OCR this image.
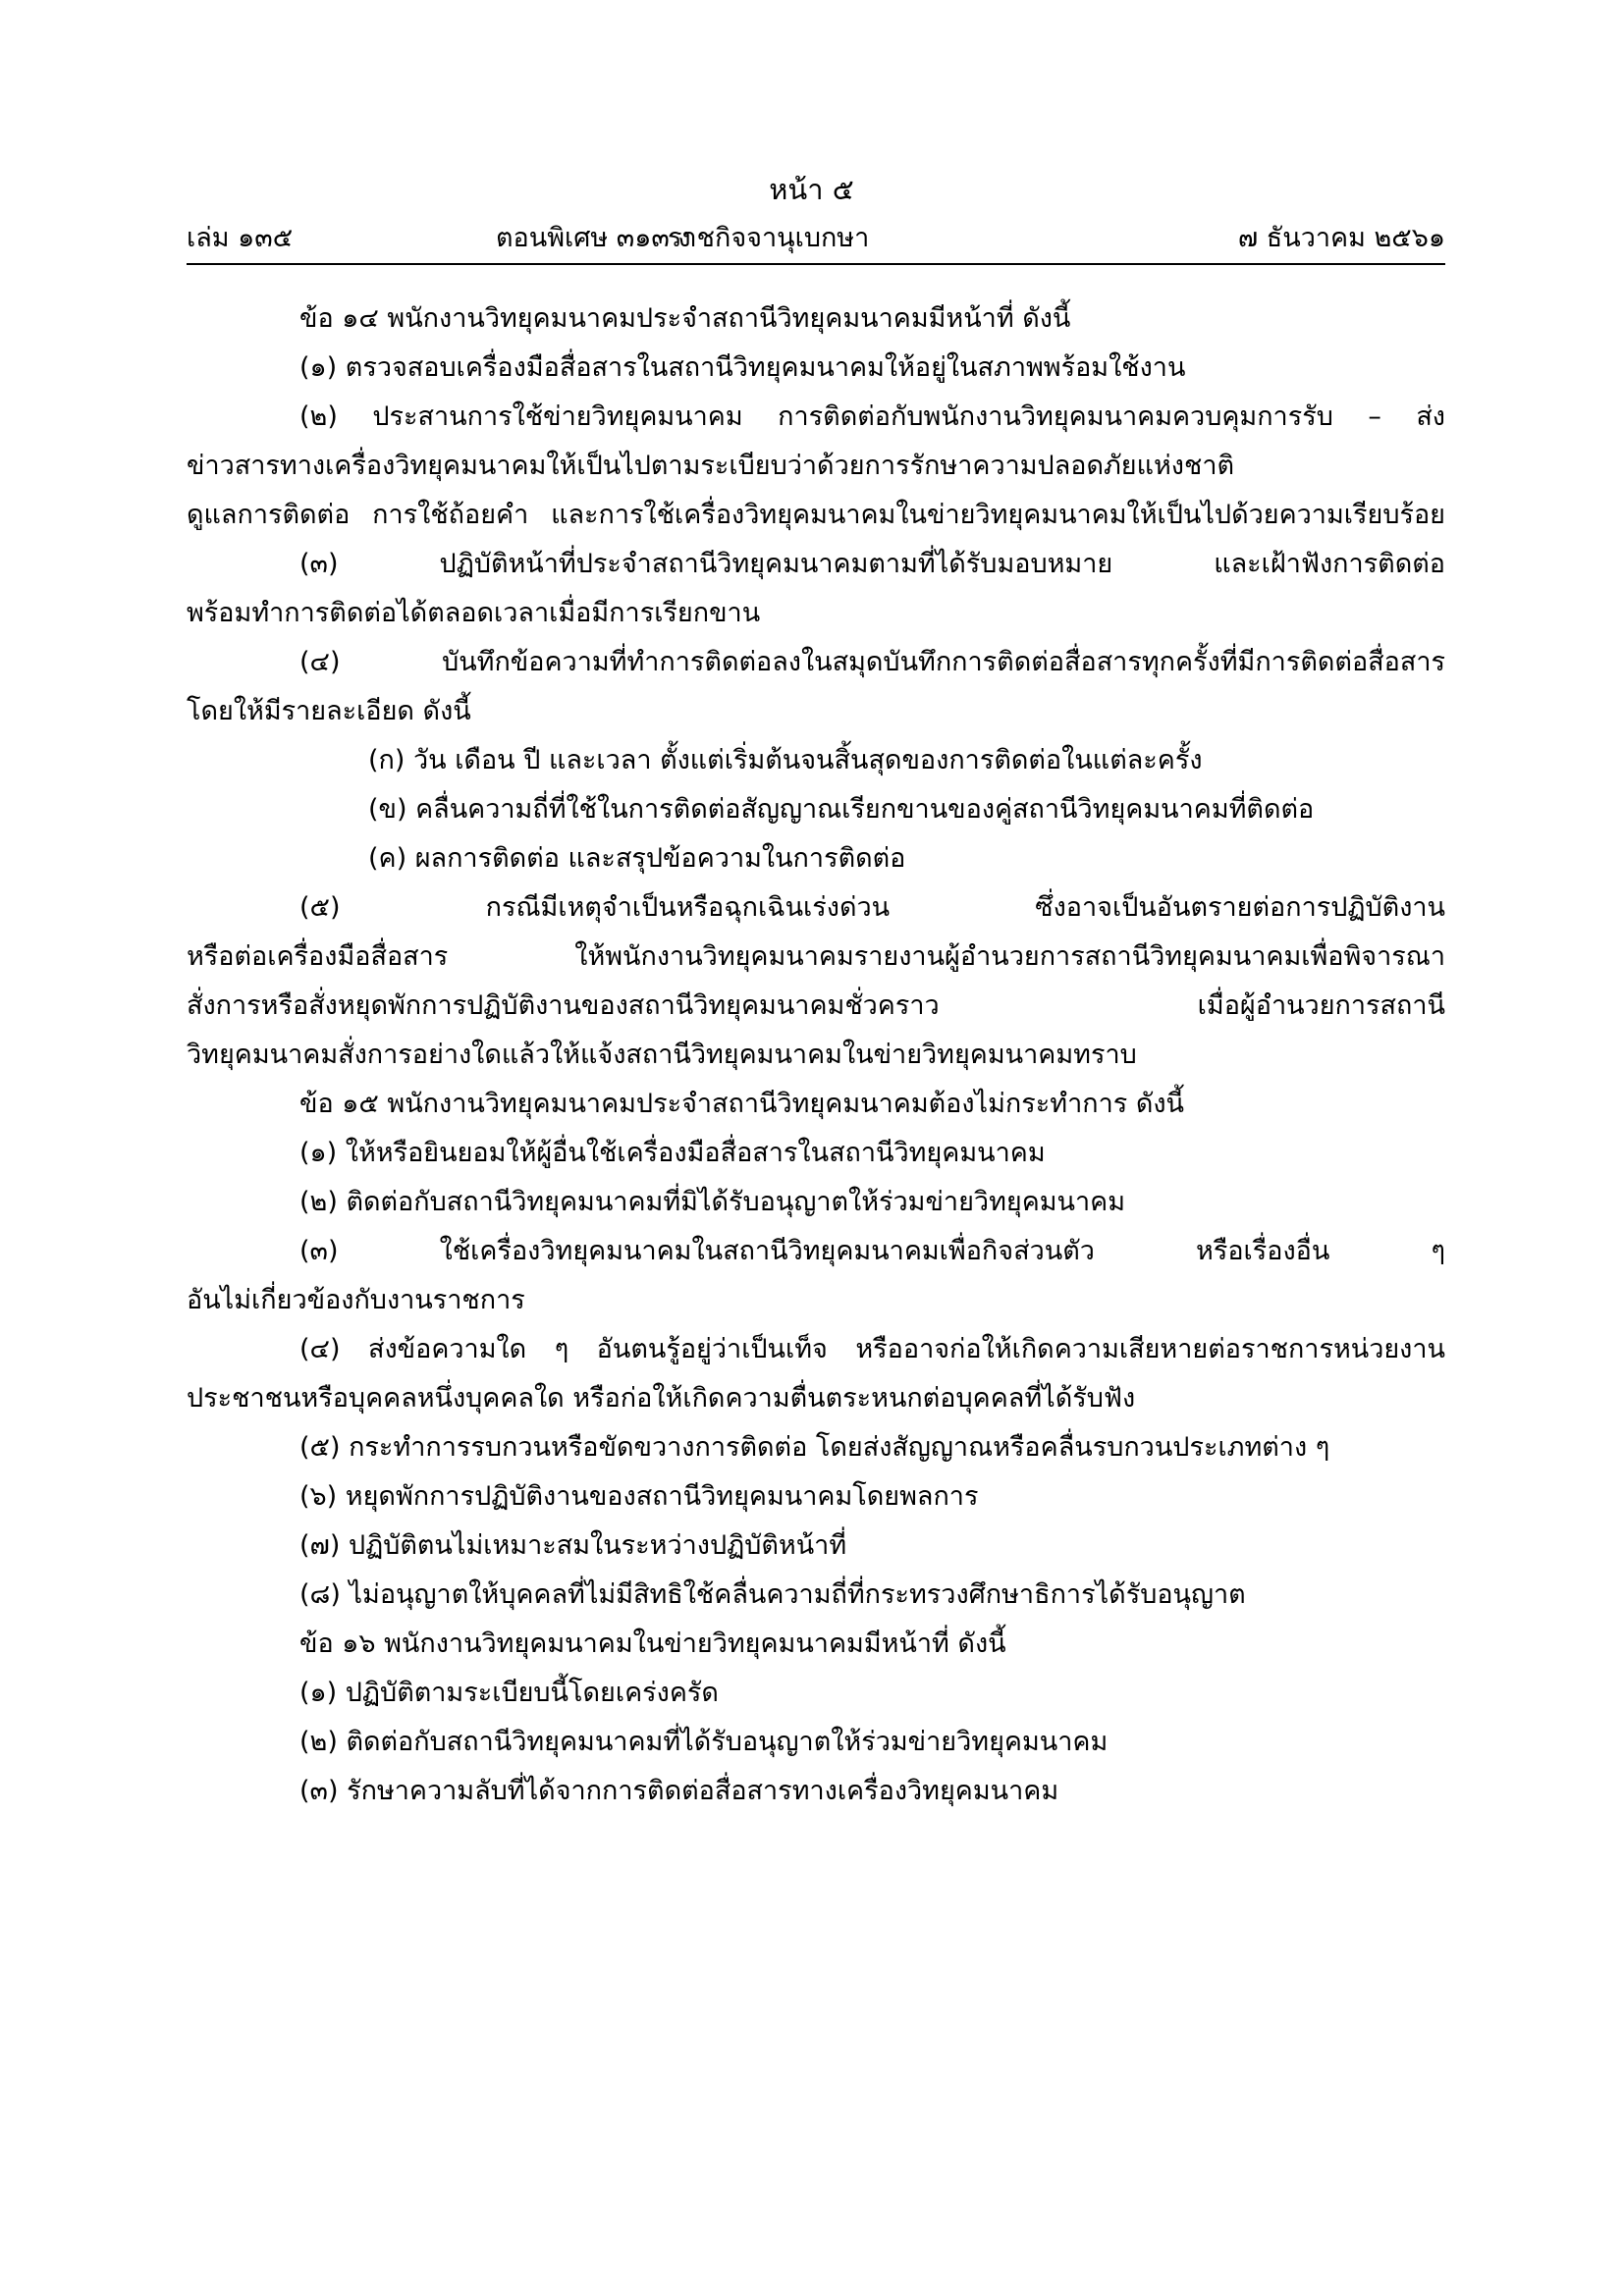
หน้า ๕
เล่ม ๑๓๕	ตอนพิเศษ ๓๑๓ ง
ราชกิจจานุเบกษา	๗ ธันวาคม ๒๕๖๑
ข้อ ๑๔ พนักงานวิทยุคมนาคมประจำสถานีวิทยุคมนาคมมีหน้าที่ ดังนี้
(๑) ตรวจสอบเครื่องมือสื่อสารในสถานีวิทยุคมนาคมให้อยู่ในสภาพพร้อมใช้งาน
(๒) ประสานการใช้ข่ายวิทยุคมนาคม การติดต่อกับพนักงานวิทยุคมนาคมควบคุมการรับ – ส่ง
ข่าวสารทางเครื่องวิทยุคมนาคมให้เป็นไปตามระเบียบว่าด้วยการรักษาความปลอดภัยแห่งชาติ
ดูแลการติดต่อ การใช้ถ้อยคำ และการใช้เครื่องวิทยุคมนาคมในข่ายวิทยุคมนาคมให้เป็นไปด้วยความเรียบร้อย
(๓) ปฏิบัติหน้าที่ประจำสถานีวิทยุคมนาคมตามที่ได้รับมอบหมาย และเฝ้าฟังการติดต่อ
พร้อมทำการติดต่อได้ตลอดเวลาเมื่อมีการเรียกขาน
(๔) บันทึกข้อความที่ทำการติดต่อลงในสมุดบันทึกการติดต่อสื่อสารทุกครั้งที่มีการติดต่อสื่อสาร
โดยให้มีรายละเอียด ดังนี้
(ก) วัน เดือน ปี และเวลา ตั้งแต่เริ่มต้นจนสิ้นสุดของการติดต่อในแต่ละครั้ง
(ข) คลื่นความถี่ที่ใช้ในการติดต่อสัญญาณเรียกขานของคู่สถานีวิทยุคมนาคมที่ติดต่อ
(ค) ผลการติดต่อ และสรุปข้อความในการติดต่อ
(๕) กรณีมีเหตุจำเป็นหรือฉุกเฉินเร่งด่วน ซึ่งอาจเป็นอันตรายต่อการปฏิบัติงาน
หรือต่อเครื่องมือสื่อสาร ให้พนักงานวิทยุคมนาคมรายงานผู้อำนวยการสถานีวิทยุคมนาคมเพื่อพิจารณา
สั่งการหรือสั่งหยุดพักการปฏิบัติงานของสถานีวิทยุคมนาคมชั่วคราว เมื่อผู้อำนวยการสถานี
วิทยุคมนาคมสั่งการอย่างใดแล้วให้แจ้งสถานีวิทยุคมนาคมในข่ายวิทยุคมนาคมทราบ
ข้อ ๑๕ พนักงานวิทยุคมนาคมประจำสถานีวิทยุคมนาคมต้องไม่กระทำการ ดังนี้
(๑) ให้หรือยินยอมให้ผู้อื่นใช้เครื่องมือสื่อสารในสถานีวิทยุคมนาคม
(๒) ติดต่อกับสถานีวิทยุคมนาคมที่มิได้รับอนุญาตให้ร่วมข่ายวิทยุคมนาคม
(๓) ใช้เครื่องวิทยุคมนาคมในสถานีวิทยุคมนาคมเพื่อกิจส่วนตัว หรือเรื่องอื่น ๆ
อันไม่เกี่ยวข้องกับงานราชการ
(๔) ส่งข้อความใด ๆ อันตนรู้อยู่ว่าเป็นเท็จ หรืออาจก่อให้เกิดความเสียหายต่อราชการหน่วยงาน
ประชาชนหรือบุคคลหนึ่งบุคคลใด หรือก่อให้เกิดความตื่นตระหนกต่อบุคคลที่ได้รับฟัง
(๕) กระทำการรบกวนหรือขัดขวางการติดต่อ โดยส่งสัญญาณหรือคลื่นรบกวนประเภทต่าง ๆ
(๖) หยุดพักการปฏิบัติงานของสถานีวิทยุคมนาคมโดยพลการ
(๗) ปฏิบัติตนไม่เหมาะสมในระหว่างปฏิบัติหน้าที่
(๘) ไม่อนุญาตให้บุคคลที่ไม่มีสิทธิใช้คลื่นความถี่ที่กระทรวงศึกษาธิการได้รับอนุญาต
ข้อ ๑๖ พนักงานวิทยุคมนาคมในข่ายวิทยุคมนาคมมีหน้าที่ ดังนี้
(๑) ปฏิบัติตามระเบียบนี้โดยเคร่งครัด
(๒) ติดต่อกับสถานีวิทยุคมนาคมที่ได้รับอนุญาตให้ร่วมข่ายวิทยุคมนาคม
(๓) รักษาความลับที่ได้จากการติดต่อสื่อสารทางเครื่องวิทยุคมนาคม
